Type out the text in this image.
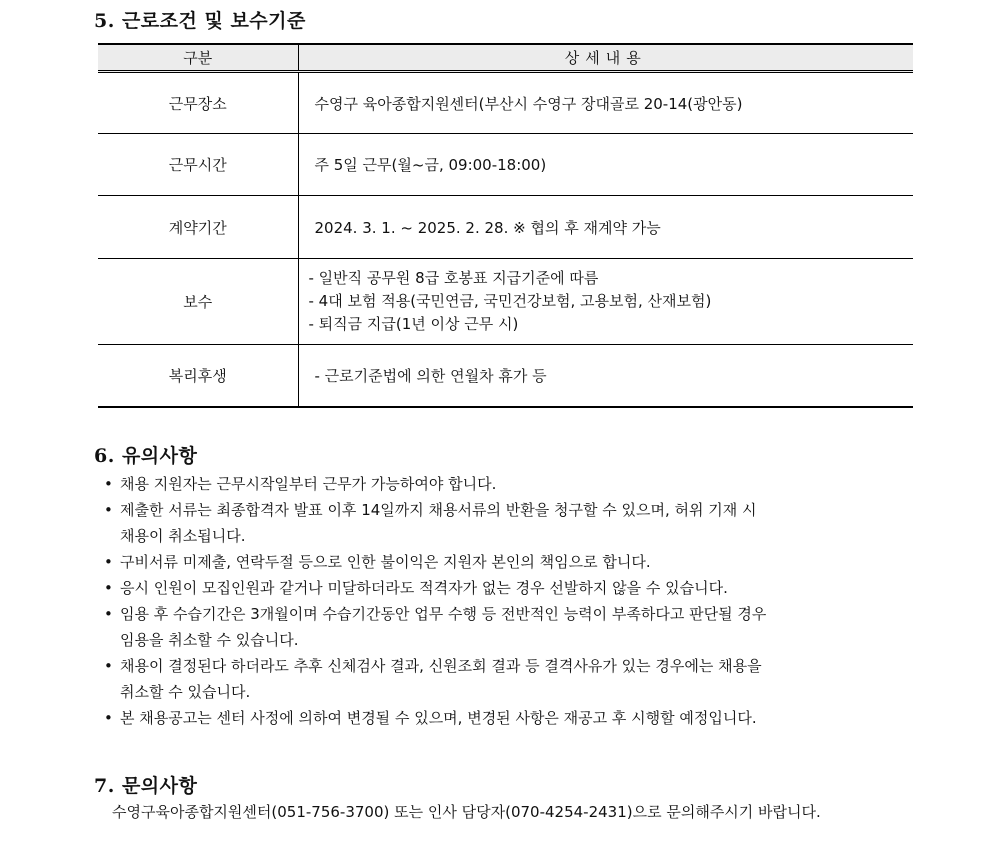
5. 근로조건 및 보수기준
구분	상세내용
근무장소	수영구 육아종합지원센터(부산시 수영구 장대골로 20-14(광안동)
근무시간	주 5일 근무(월~금, 09:00-18:00)
계약기간	2024. 3. 1. ~ 2025. 2. 28. ※ 협의 후 재계약 가능
보수	- 일반직 공무원 8급 호봉표 지급기준에 따름
- 4대 보험 적용(국민연금, 국민건강보험, 고용보험, 산재보험)
- 퇴직금 지급(1년 이상 근무 시)

복리후생	- 근로기준법에 의한 연월차 휴가 등
6. 유의사항
• 채용 지원자는 근무시작일부터 근무가 가능하여야 합니다.
• 제출한 서류는 최종합격자 발표 이후 14일까지 채용서류의 반환을 청구할 수 있으며, 허위 기재 시
채용이 취소됩니다.
• 구비서류 미제출, 연락두절 등으로 인한 불이익은 지원자 본인의 책임으로 합니다.
• 응시 인원이 모집인원과 같거나 미달하더라도 적격자가 없는 경우 선발하지 않을 수 있습니다.
• 임용 후 수습기간은 3개월이며 수습기간동안 업무 수행 등 전반적인 능력이 부족하다고 판단될 경우
임용을 취소할 수 있습니다.
• 채용이 결정된다 하더라도 추후 신체검사 결과, 신원조회 결과 등 결격사유가 있는 경우에는 채용을
취소할 수 있습니다.
• 본 채용공고는 센터 사정에 의하여 변경될 수 있으며, 변경된 사항은 재공고 후 시행할 예정입니다.
7. 문의사항

수영구육아종합지원센터(051-756-3700) 또는 인사 담당자(070-4254-2431)으로 문의해주시기 바랍니다.
